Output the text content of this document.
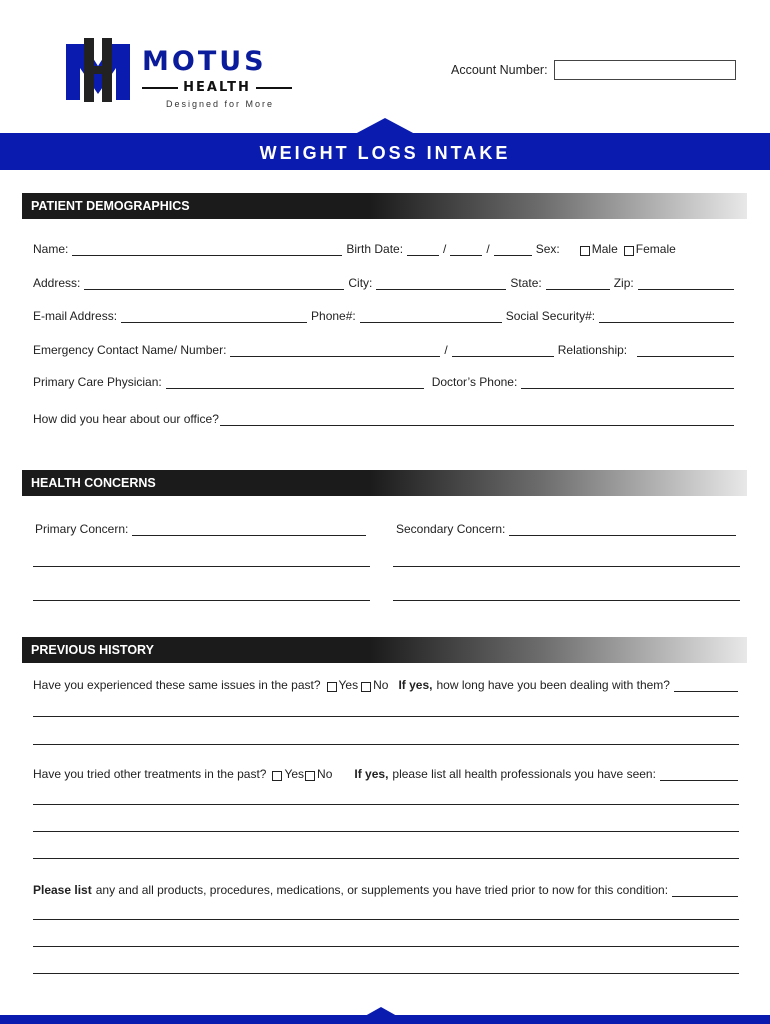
MOTUS
HEALTH
Designed for More
Account Number:
WEIGHT LOSS INTAKE
PATIENT DEMOGRAPHICS
Name:	Birth Date:	/	/	Sex:	Male Female
Address:	City:	State:	Zip:
E-mail Address:	Phone#:	Social Security#:
Emergency Contact Name/ Number:	/	Relationship:
Primary Care Physician:	Doctor’s Phone:
How did you hear about our office?
HEALTH CONCERNS
Primary Concern:	Secondary Concern:
PREVIOUS HISTORY
Have you experienced these same issues in the past? Yes No If yes, how long have you been dealing with them?
Have you tried other treatments in the past? Yes No If yes, please list all health professionals you have seen:
Please list any and all products, procedures, medications, or supplements you have tried prior to now for this condition:
